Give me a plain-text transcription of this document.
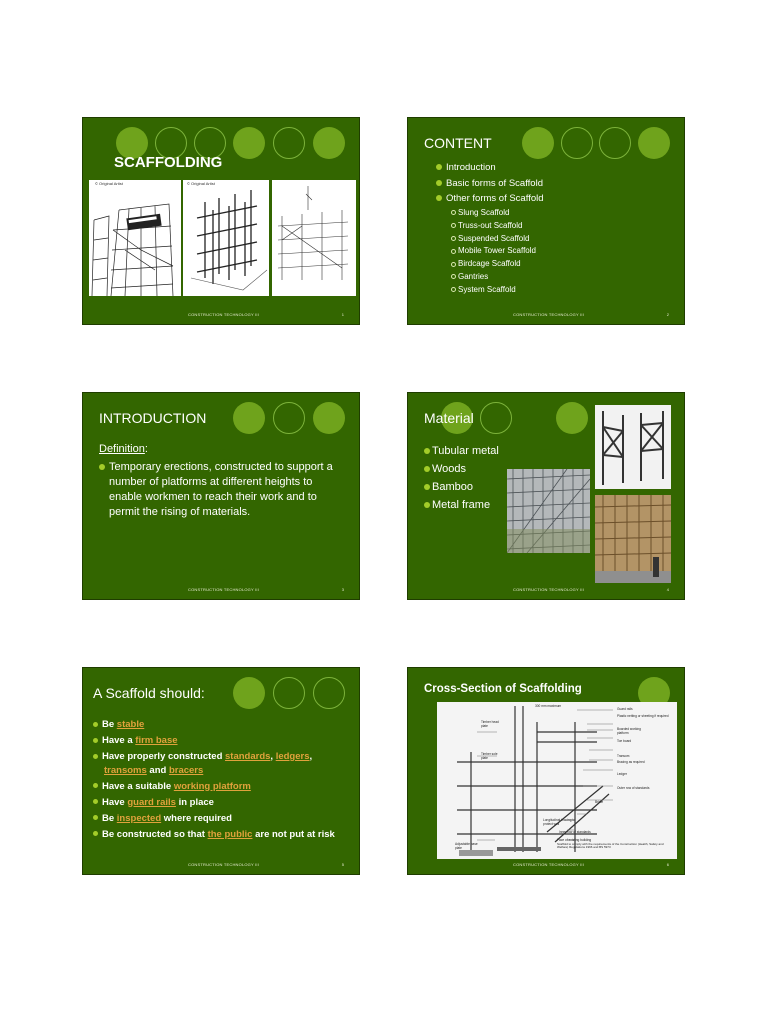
SCAFFOLDING
© Original Artist	© Original Artist
CONSTRUCTION TECHNOLOGY III	1
CONTENT
Introduction
Basic forms of Scaffold
Other forms of Scaffold
Slung Scaffold
Truss-out Scaffold
Suspended Scaffold
Mobile Tower Scaffold
Birdcage Scaffold
Gantries
System Scaffold
CONSTRUCTION TECHNOLOGY III	2
INTRODUCTION
Definition:
Temporary erections, constructed to support a number of platforms at different heights to enable workmen to reach their work and to permit the rising of materials.
CONSTRUCTION TECHNOLOGY III	3
Material
Tubular metal
Woods
Bamboo
Metal frame
CONSTRUCTION TECHNOLOGY III	4
A Scaffold should:
Be stable
Have a firm base
Have properly constructed standards, ledgers,
transoms and bracers
Have a suitable working platform
Have guard rails in place
Be inspected where required
Be constructed so that the public are not put at risk
CONSTRUCTION TECHNOLOGY III	5
Cross-Section of Scaffolding
300 mm maximum
Guard rails
Plastic netting or sheeting if required
Boarded working platform
Toe board
Transom
Bracing as required
Ledger
Outer row of standards
Bridle
Inner row of standards
Face of existing building
Scaffold to comply with the requirements of the Construction (Health, Safety and Welfare) Regulations 1966 and BS 5973
Timber head plate
Timber sole plate
Adjustable base plate
Longitudinal bracing to protect wall
CONSTRUCTION TECHNOLOGY III	6
